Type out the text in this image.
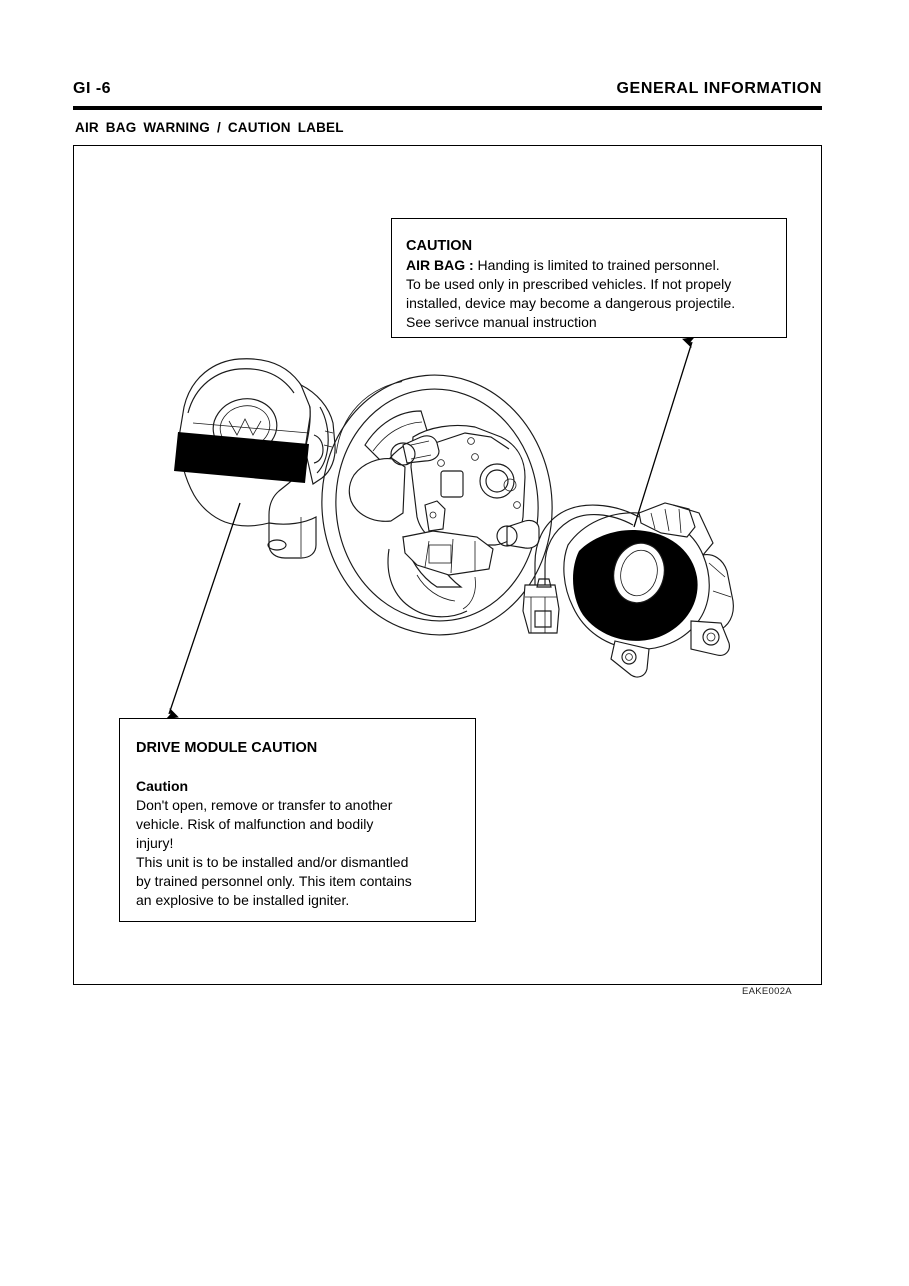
GI -6	GENERAL INFORMATION
AIR BAG WARNING / CAUTION LABEL
CAUTION
AIR BAG : Handing is limited to trained personnel.
To be used only in prescribed vehicles. If not propely
installed, device may become a dangerous projectile.
See serivce manual instruction
DRIVE MODULE CAUTION
Caution
Don't open, remove or transfer to another
vehicle. Risk of malfunction and bodily
injury!
This unit is to be installed and/or dismantled
by trained personnel only. This item contains
an explosive to be installed igniter.
EAKE002A
